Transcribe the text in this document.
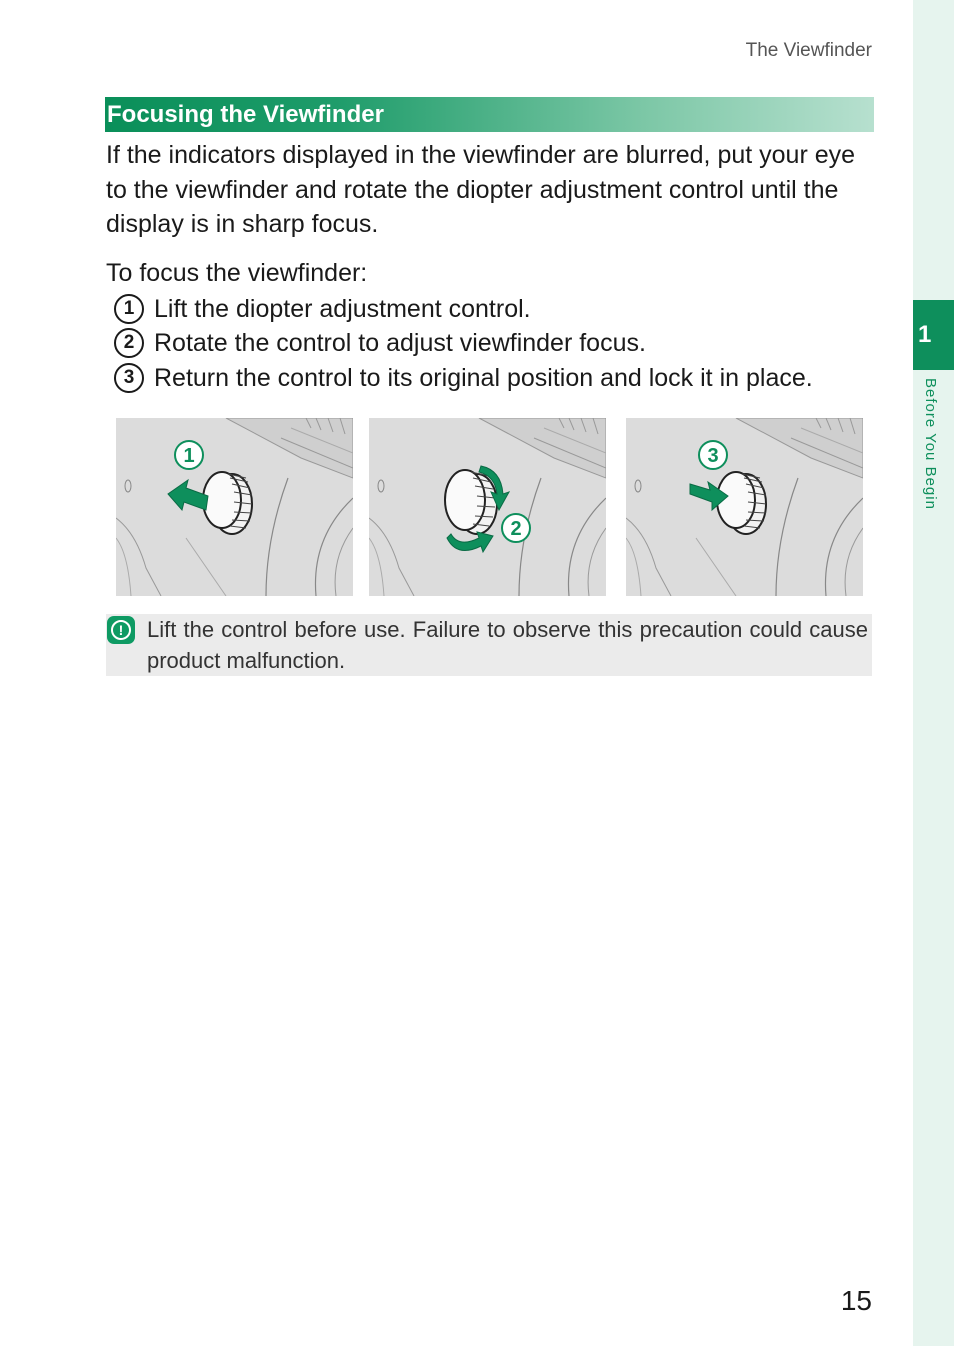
1
Before You Begin
The Viewfinder
Focusing the Viewfinder
If the indicators displayed in the viewfinder are blurred, put your eye to the viewfinder and rotate the diopter adjustment control until the display is in sharp focus.
To focus the viewfinder:
1 Lift the diopter adjustment control.
2 Rotate the control to adjust viewfinder focus.
3 Return the control to its original position and lock it in place.
1
2
3
!	Lift the control before use. Failure to observe this precaution could cause product malfunction.
15
